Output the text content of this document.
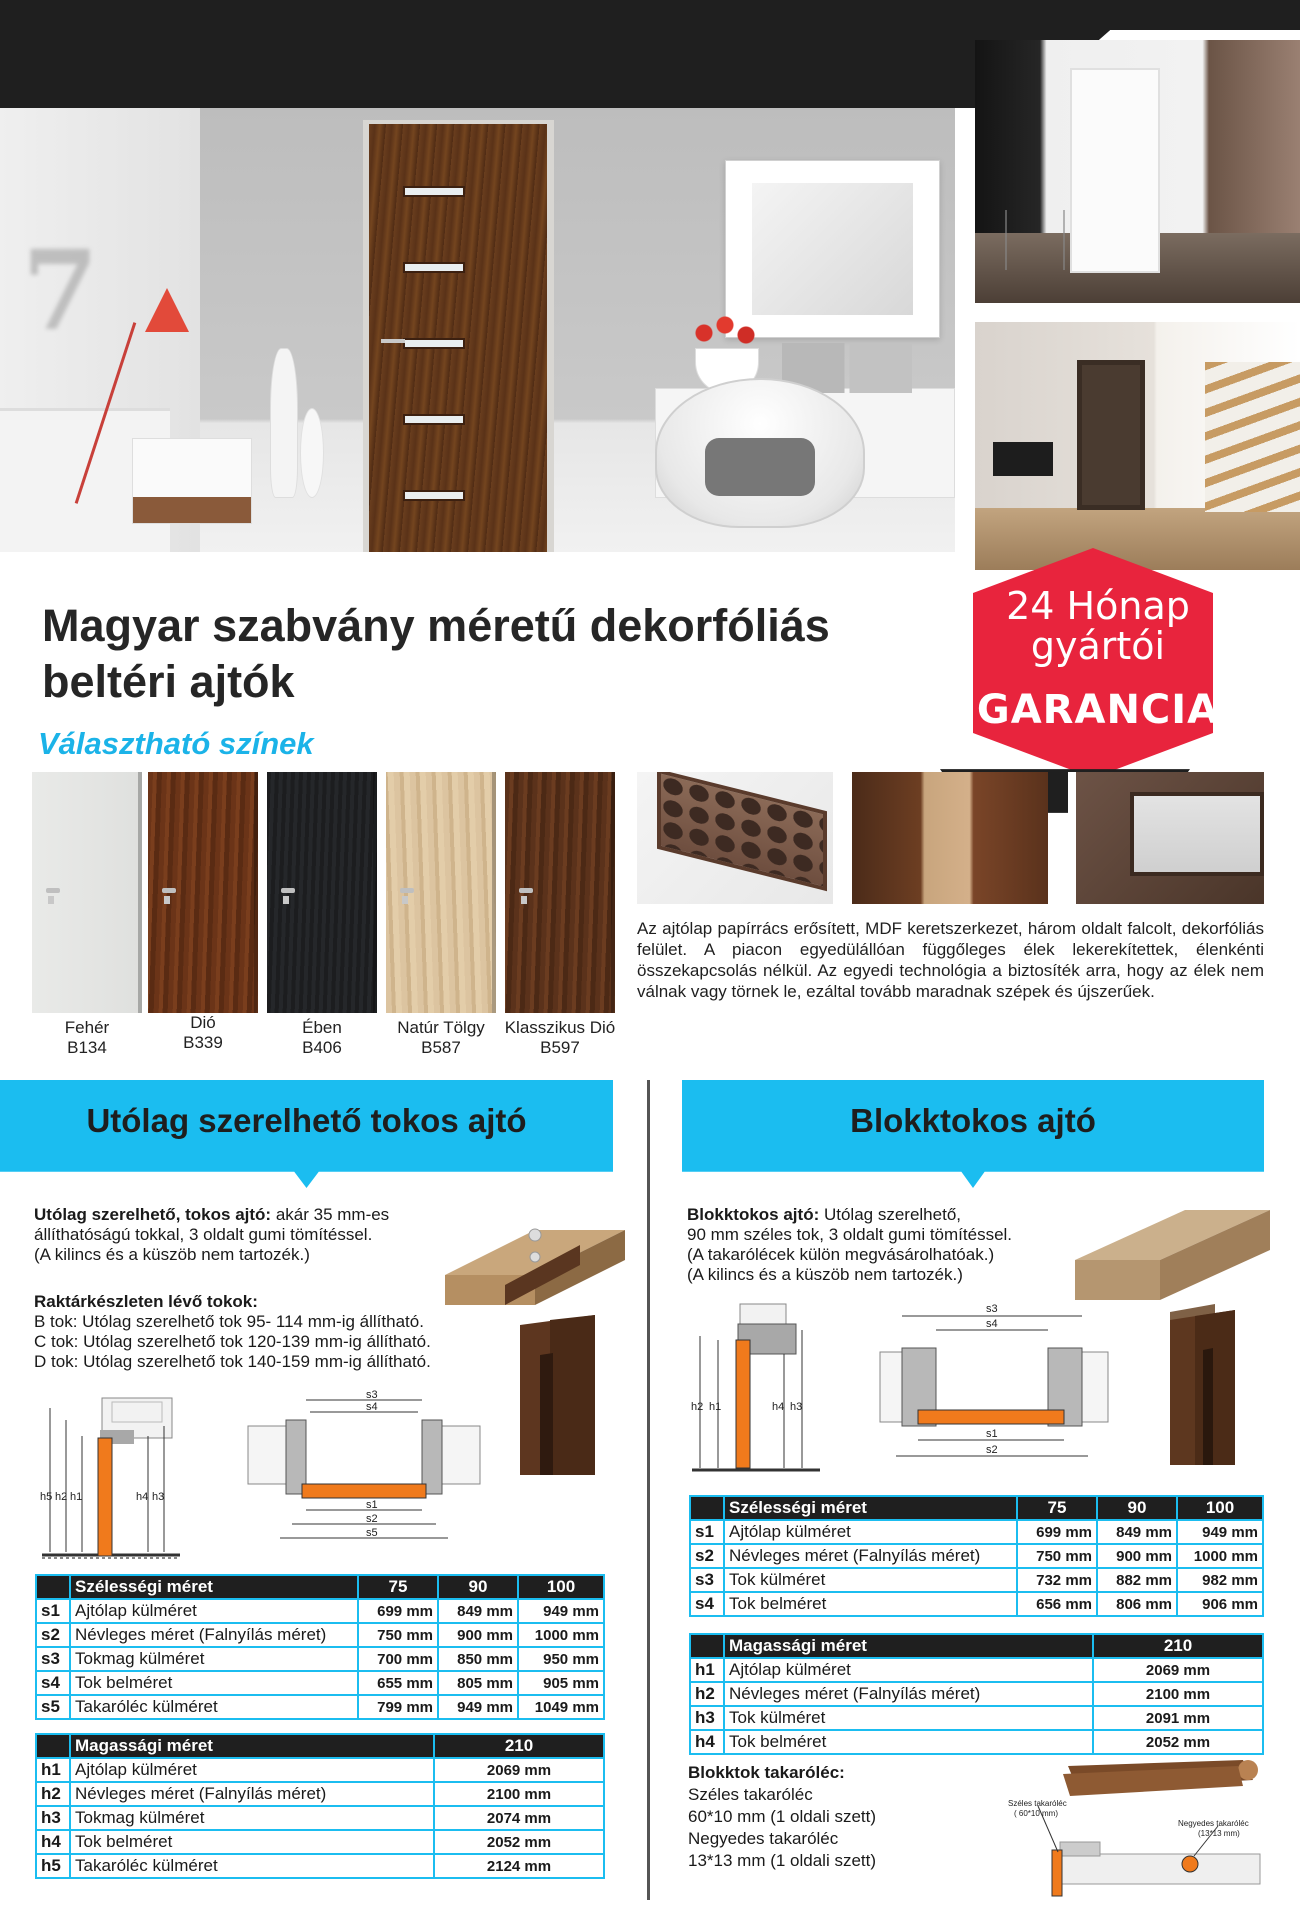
7
24 Hónap
gyártói
GARANCIA
Magyar szabvány méretű dekorfóliás
beltéri ajtók
Választható színek
Fehér
B134
Dió
B339
Ében
B406
Natúr Tölgy
B587
Klasszikus Dió
B597
Az ajtólap papírrács erősített, MDF keretszerkezet, három oldalt falcolt, dekorfóliás felület. A piacon egyedülállóan függőleges élek lekerekítettek, élenkénti összekapcsolás nélkül. Az egyedi technológia a biztosíték arra, hogy az élek nem válnak vagy törnek le, ezáltal tovább maradnak szépek és újszerűek.
Utólag szerelhető tokos ajtó	Blokktokos ajtó
Utólag szerelhető, tokos ajtó: akár 35 mm-es
állíthatóságú tokkal, 3 oldalt gumi tömítéssel.
(A kilincs és a küszöb nem tartozék.)
Raktárkészleten lévő tokok:
B tok: Utólag szerelhető tok 95- 114 mm-ig állítható.
C tok: Utólag szerelhető tok 120-139 mm-ig állítható.
D tok: Utólag szerelhető tok 140-159 mm-ig állítható.
h5 h2 h1	h4 h3
s3
s4
s1
s2
s5
	Szélességi méret	75	90	100
s1	Ajtólap külméret	699 mm	849 mm	949 mm
s2	Névleges méret (Falnyílás méret)	750 mm	900 mm	1000 mm
s3	Tokmag külméret	700 mm	850 mm	950 mm
s4	Tok belméret	655 mm	805 mm	905 mm
s5	Takaróléc külméret	799 mm	949 mm	1049 mm
	Magassági méret	210
h1	Ajtólap külméret	2069 mm
h2	Névleges méret (Falnyílás méret)	2100 mm
h3	Tokmag külméret	2074 mm
h4	Tok belméret	2052 mm
h5	Takaróléc külméret	2124 mm
Blokktokos ajtó: Utólag szerelhető,
90 mm széles tok, 3 oldalt gumi tömítéssel.
(A takarólécek külön megvásárolhatóak.)
(A kilincs és a küszöb nem tartozék.)
h2 h1	h4 h3
s3
s4
s1
s2
	Szélességi méret	75	90	100
s1	Ajtólap külméret	699 mm	849 mm	949 mm
s2	Névleges méret (Falnyílás méret)	750 mm	900 mm	1000 mm
s3	Tok külméret	732 mm	882 mm	982 mm
s4	Tok belméret	656 mm	806 mm	906 mm
	Magassági méret	210
h1	Ajtólap külméret	2069 mm
h2	Névleges méret (Falnyílás méret)	2100 mm
h3	Tok külméret	2091 mm
h4	Tok belméret	2052 mm
Blokktok takaróléc:
Széles takaróléc
60*10 mm (1 oldali szett)
Negyedes takaróléc
13*13 mm (1 oldali szett)
Széles takaróléc
( 60*10 mm)
Negyedes takaróléc
(13*13 mm)
